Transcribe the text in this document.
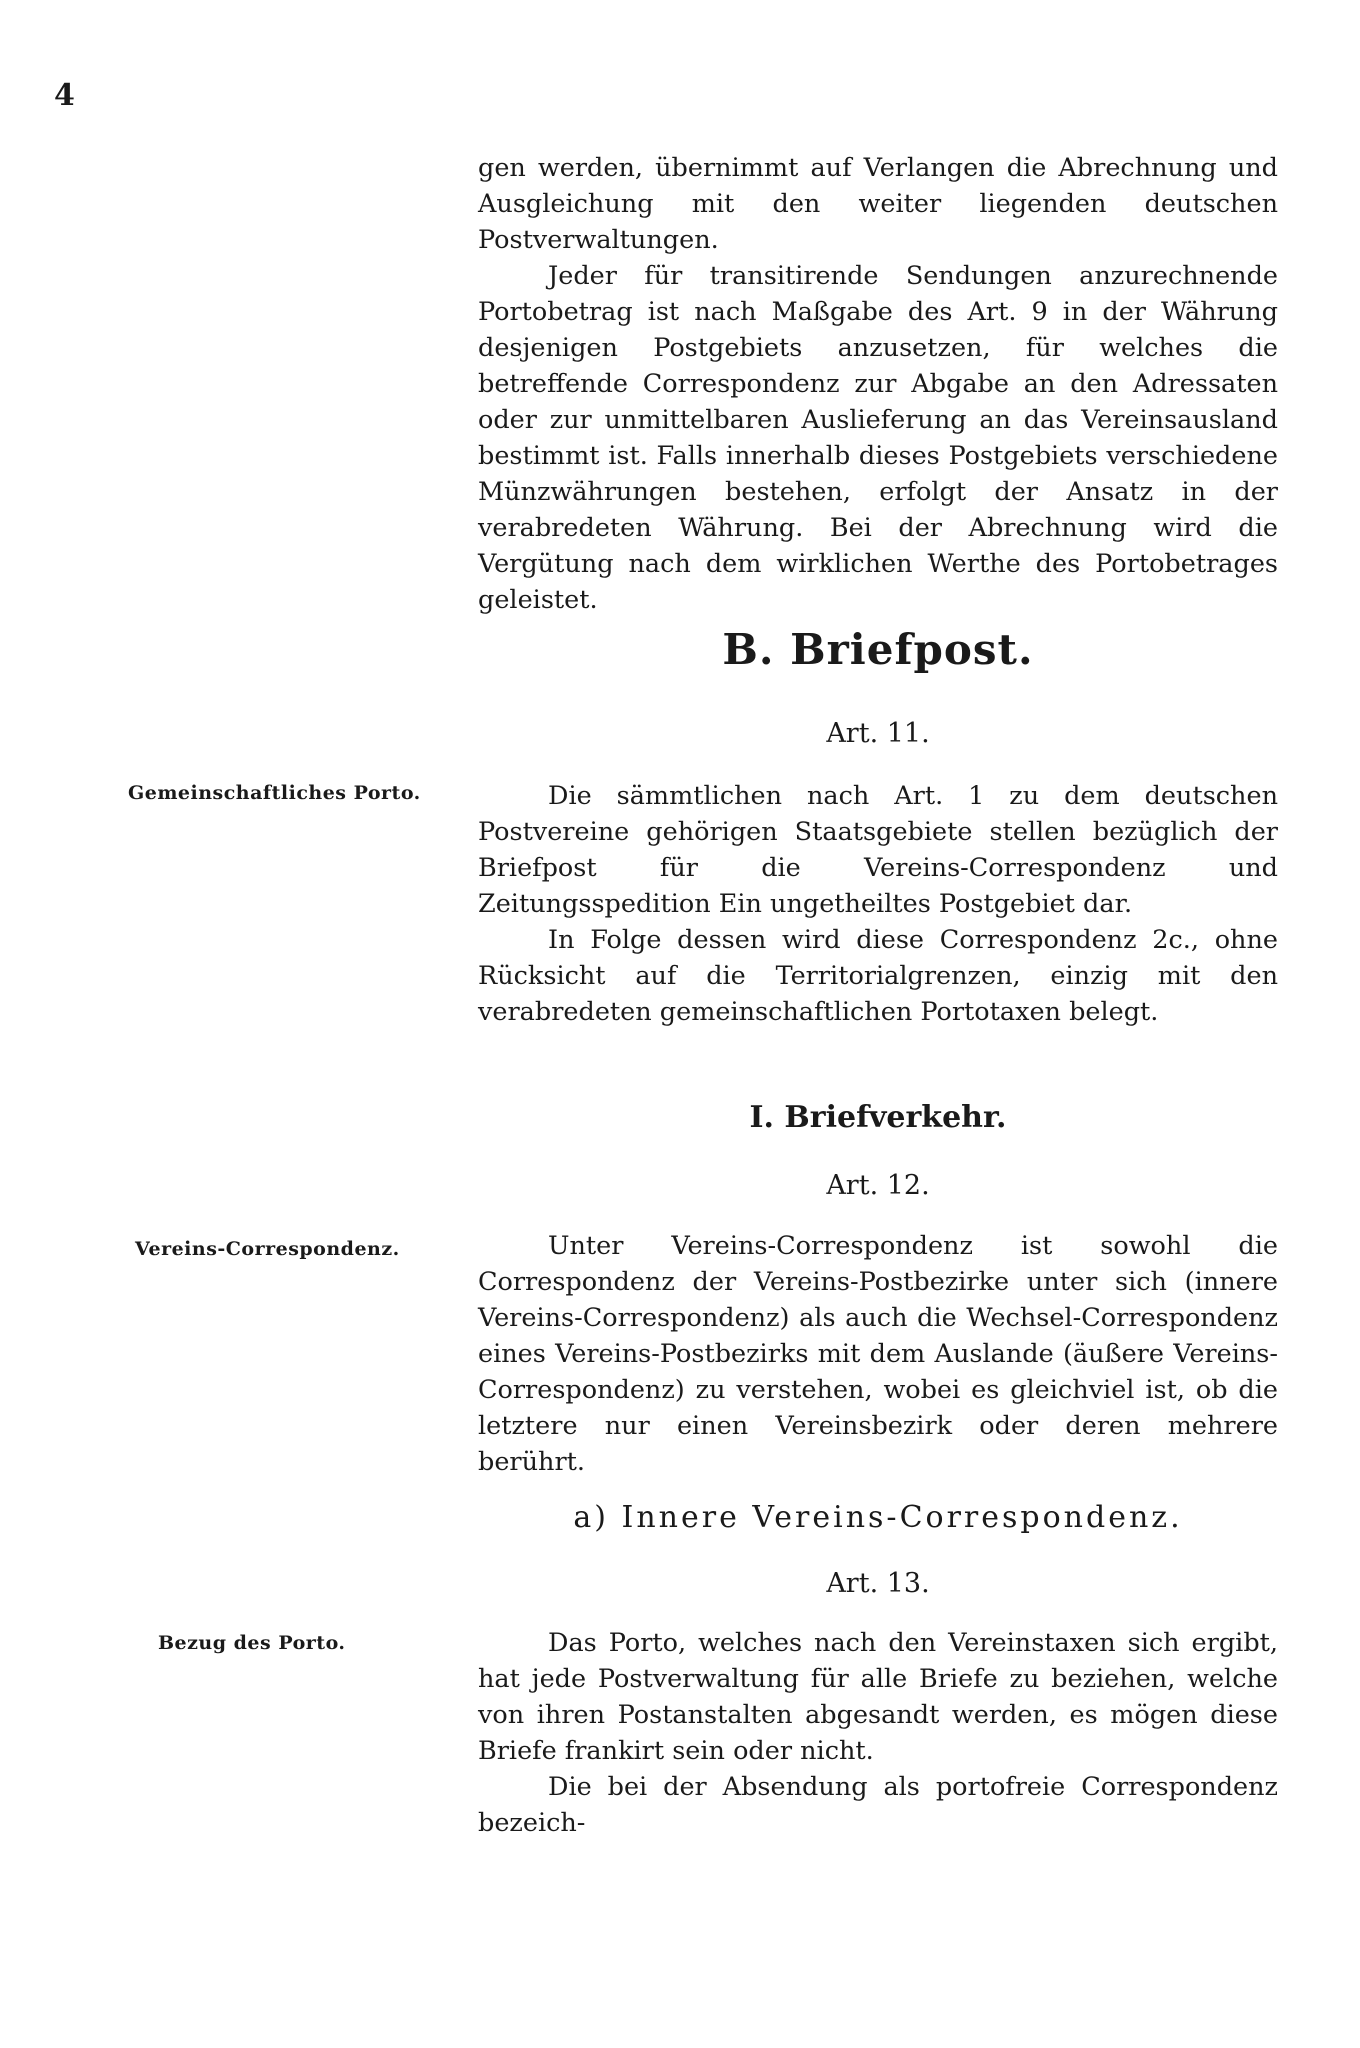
4

gen werden, übernimmt auf Verlangen die Abrechnung und Ausgleichung mit den weiter liegenden deutschen Postverwaltungen.

Jeder für transitirende Sendungen anzurechnende Portobetrag ist nach Maßgabe des Art. 9 in der Währung desjenigen Postgebiets anzusetzen, für welches die betreffende Correspondenz zur Abgabe an den Adressaten oder zur unmittelbaren Auslieferung an das Vereinsausland bestimmt ist. Falls innerhalb dieses Postgebiets verschiedene Münzwährungen bestehen, erfolgt der Ansatz in der verabredeten Währung. Bei der Abrechnung wird die Vergütung nach dem wirklichen Werthe des Portobetrages geleistet.

B. Briefpost.

Art. 11.

Gemeinschaftliches Porto.	Die sämmtlichen nach Art. 1 zu dem deutschen Postvereine gehörigen Staatsgebiete stellen bezüglich der Briefpost für die Vereins-Correspondenz und Zeitungsspedition Ein ungetheiltes Postgebiet dar.

In Folge dessen wird diese Correspondenz 2c., ohne Rücksicht auf die Territorialgrenzen, einzig mit den verabredeten gemeinschaftlichen Portotaxen belegt.

I. Briefverkehr.

Art. 12.

Vereins-Correspondenz.	Unter Vereins-Correspondenz ist sowohl die Correspondenz der Vereins-Postbezirke unter sich (innere Vereins-Correspondenz) als auch die Wechsel-Correspondenz eines Vereins-Postbezirks mit dem Auslande (äußere Vereins-Correspondenz) zu verstehen, wobei es gleichviel ist, ob die letztere nur einen Vereinsbezirk oder deren mehrere berührt.

a) Innere Vereins-Correspondenz.

Art. 13.

Bezug des Porto.	Das Porto, welches nach den Vereinstaxen sich ergibt, hat jede Postverwaltung für alle Briefe zu beziehen, welche von ihren Postanstalten abgesandt werden, es mögen diese Briefe frankirt sein oder nicht.

Die bei der Absendung als portofreie Correspondenz bezeich-
